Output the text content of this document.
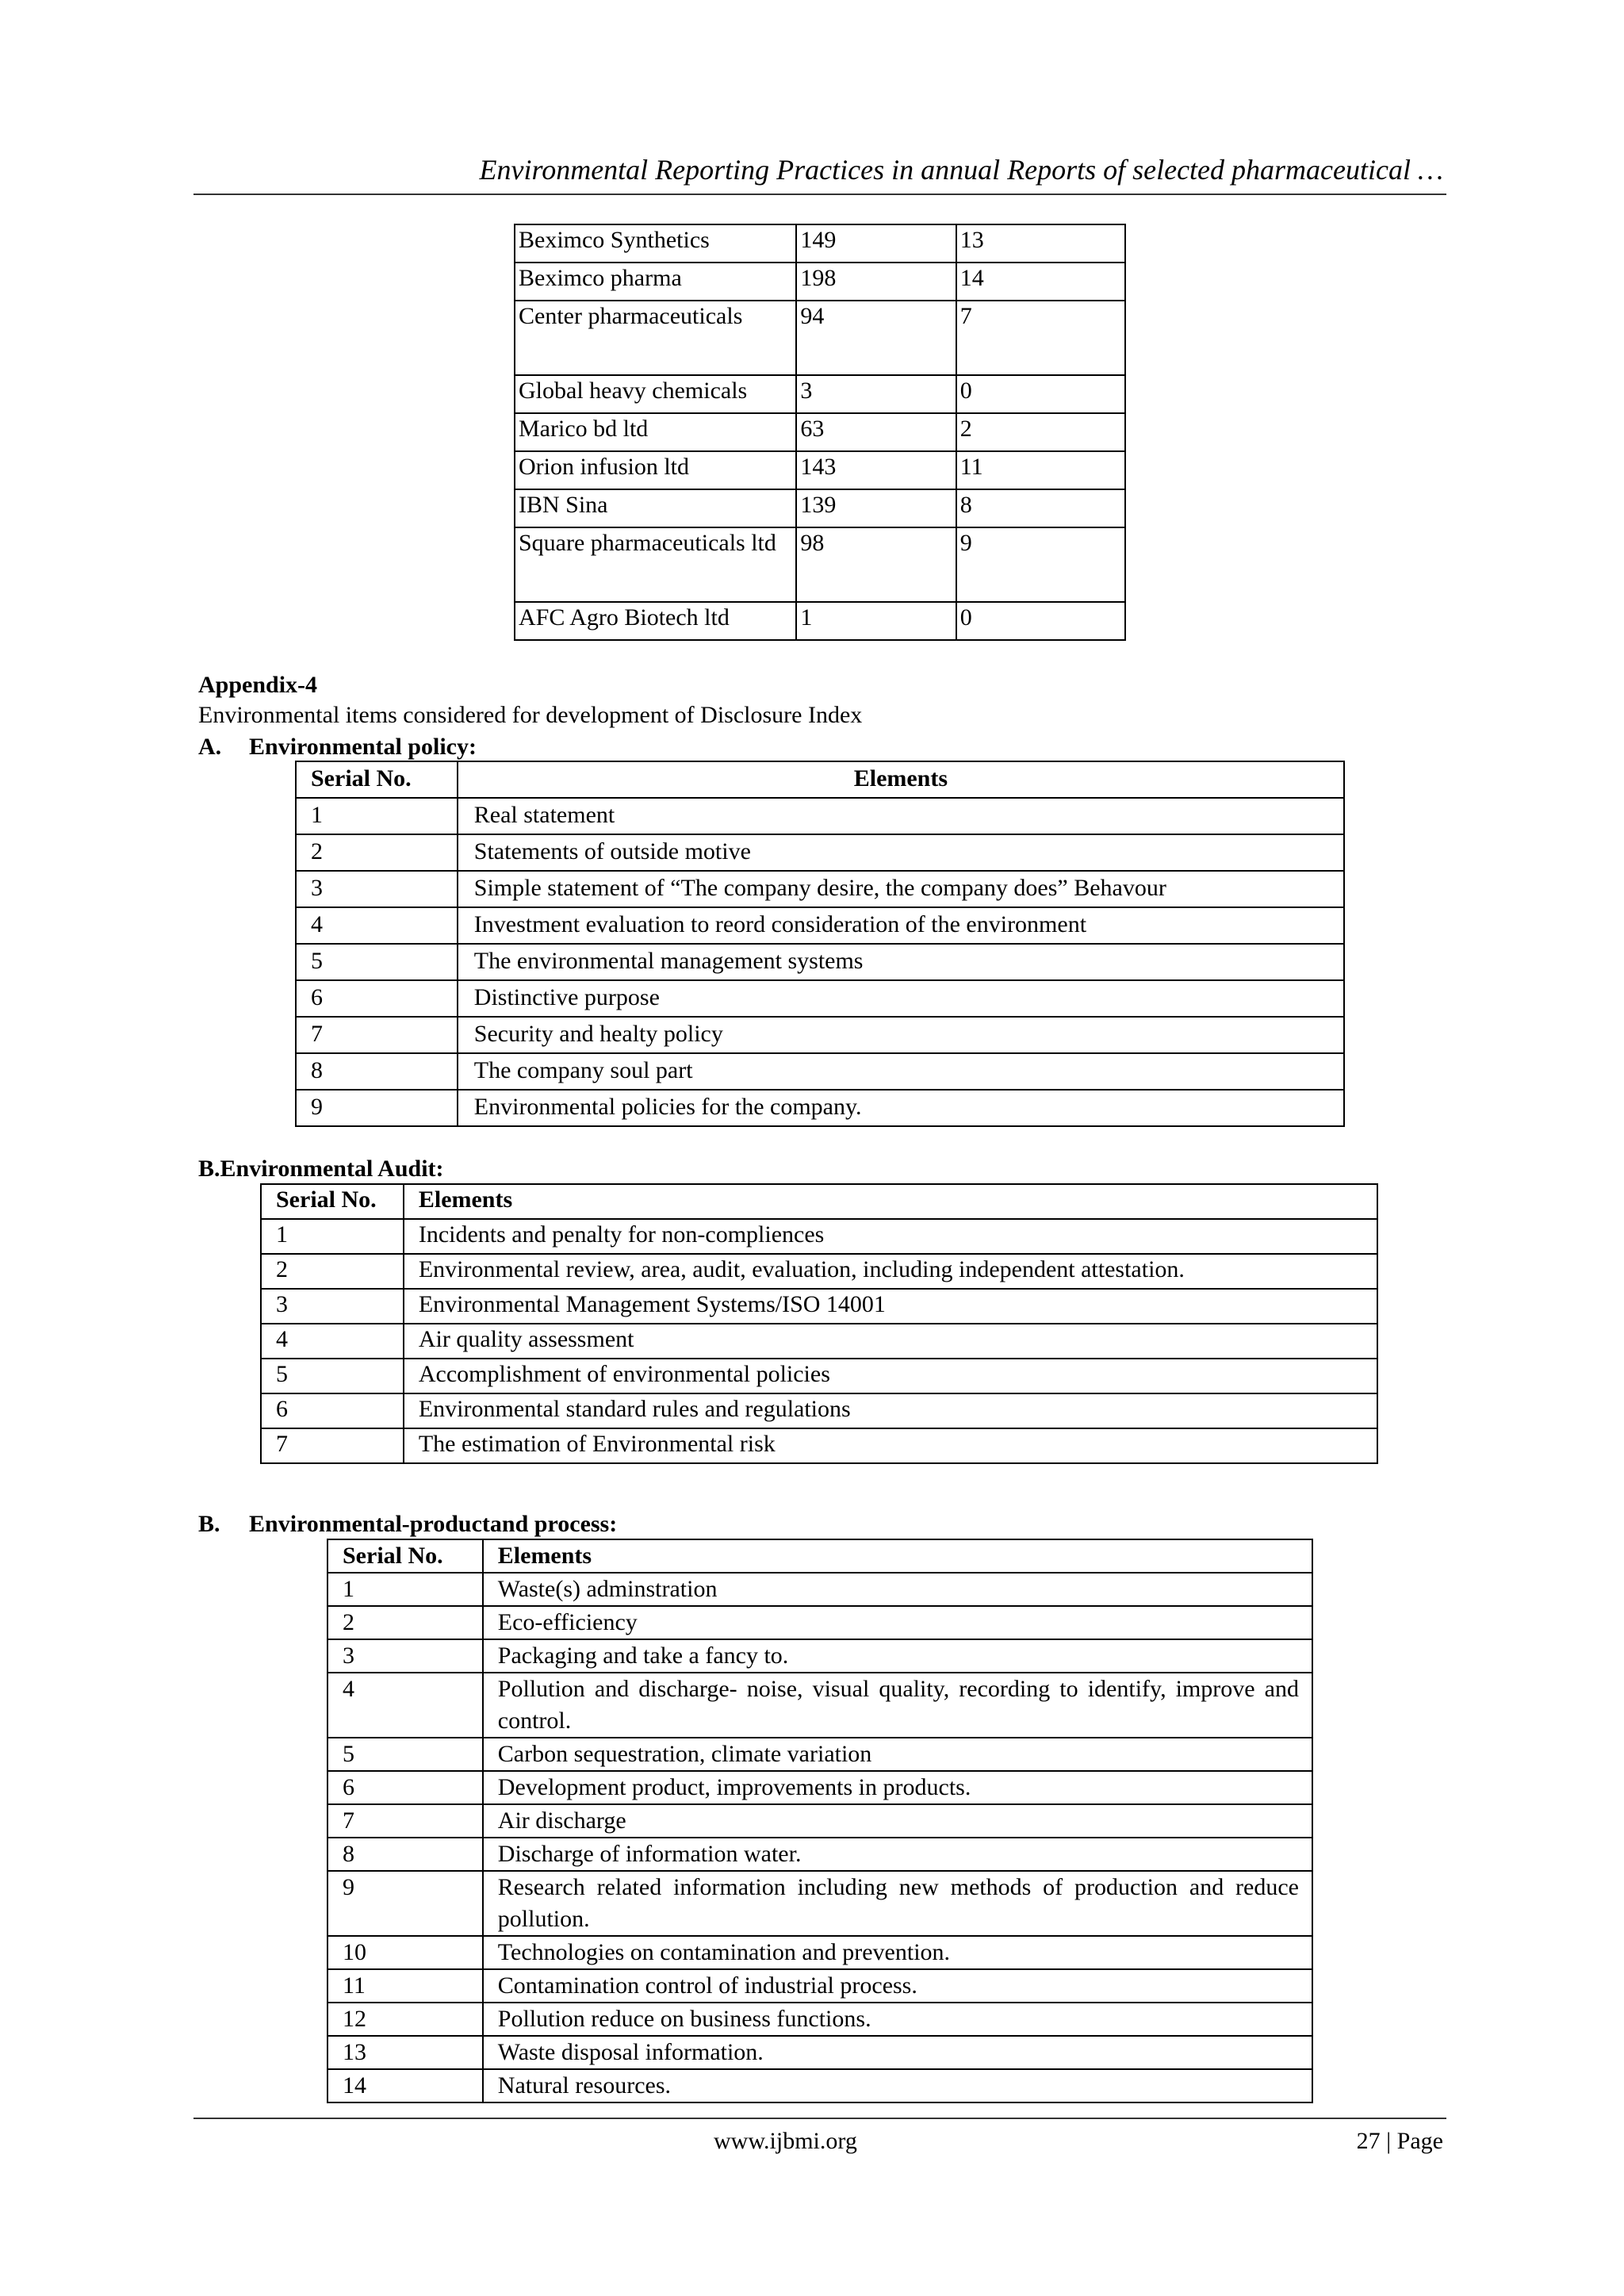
Environmental Reporting Practices in annual Reports of selected pharmaceutical …
Beximco Synthetics	149	13
Beximco pharma	198	14
Center pharmaceuticals	94	7
Global heavy chemicals	3	0
Marico bd ltd	63	2
Orion infusion ltd	143	11
IBN Sina	139	8
Square pharmaceuticals ltd	98	9
AFC Agro Biotech ltd	1	0
Appendix-4
Environmental items considered for development of Disclosure Index
A. Environmental policy:
Serial No.	Elements
1	Real statement
2	Statements of outside motive
3	Simple statement of “The company desire, the company does” Behavour
4	Investment evaluation to reord consideration of the environment
5	The environmental management systems
6	Distinctive purpose
7	Security and healty policy
8	The company soul part
9	Environmental policies for the company.
B.Environmental Audit:
Serial No.	Elements
1	Incidents and penalty for non-compliences
2	Environmental review, area, audit, evaluation, including independent attestation.
3	Environmental Management Systems/ISO 14001
4	Air quality assessment
5	Accomplishment of environmental policies
6	Environmental standard rules and regulations
7	The estimation of Environmental risk
B. Environmental-productand process:
Serial No.	Elements
1	Waste(s) adminstration
2	Eco-efficiency
3	Packaging and take a fancy to.
4	Pollution and discharge- noise, visual quality, recording to identify, improve and control.
5	Carbon sequestration, climate variation
6	Development product, improvements in products.
7	Air discharge
8	Discharge of information water.
9	Research related information including new methods of production and reduce pollution.
10	Technologies on contamination and prevention.
11	Contamination control of industrial process.
12	Pollution reduce on business functions.
13	Waste disposal information.
14	Natural resources.
www.ijbmi.org	27 | Page
